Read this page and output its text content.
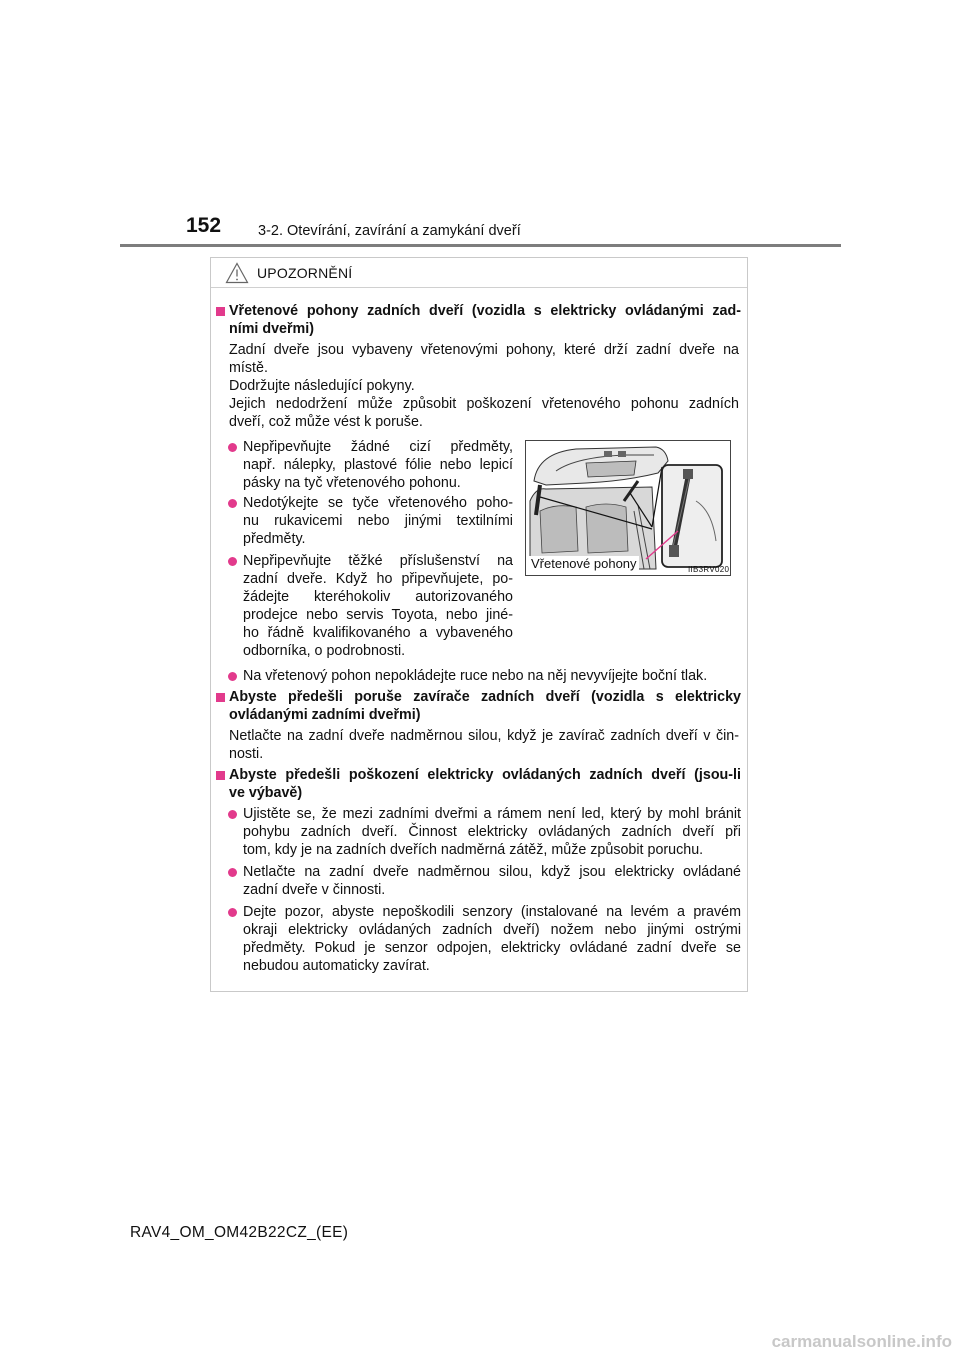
152	3-2. Otevírání, zavírání a zamykání dveří
UPOZORNĚNÍ
Vřetenové pohony zadních dveří (vozidla s elektricky ovládanými zad-
ními dveřmi)
Zadní dveře jsou vybaveny vřetenovými pohony, které drží zadní dveře na
místě.
Dodržujte následující pokyny.
Jejich nedodržení může způsobit poškození vřetenového pohonu zadních
dveří, což může vést k poruše.
Nepřipevňujte žádné cizí předměty,
např. nálepky, plastové fólie nebo lepicí
pásky na tyč vřetenového pohonu.
Nedotýkejte se tyče vřetenového poho-
nu rukavicemi nebo jinými textilními
předměty.
Nepřipevňujte těžké příslušenství na
zadní dveře. Když ho připevňujete, po-
žádejte kteréhokoliv autorizovaného
prodejce nebo servis Toyota, nebo jiné-
ho řádně kvalifikovaného a vybaveného
odborníka, o podrobnosti.
Vřetenové pohony	IIB3RV020
Na vřetenový pohon nepokládejte ruce nebo na něj nevyvíjejte boční tlak.
Abyste předešli poruše zavírače zadních dveří (vozidla s elektricky
ovládanými zadními dveřmi)
Netlačte na zadní dveře nadměrnou silou, když je zavírač zadních dveří v čin-
nosti.
Abyste předešli poškození elektricky ovládaných zadních dveří (jsou-li
ve výbavě)
Ujistěte se, že mezi zadními dveřmi a rámem není led, který by mohl bránit
pohybu zadních dveří. Činnost elektricky ovládaných zadních dveří při
tom, kdy je na zadních dveřích nadměrná zátěž, může způsobit poruchu.
Netlačte na zadní dveře nadměrnou silou, když jsou elektricky ovládané
zadní dveře v činnosti.
Dejte pozor, abyste nepoškodili senzory (instalované na levém a pravém
okraji elektricky ovládaných zadních dveří) nožem nebo jinými ostrými
předměty. Pokud je senzor odpojen, elektricky ovládané zadní dveře se
nebudou automaticky zavírat.
RAV4_OM_OM42B22CZ_(EE)
carmanualsonline.info
